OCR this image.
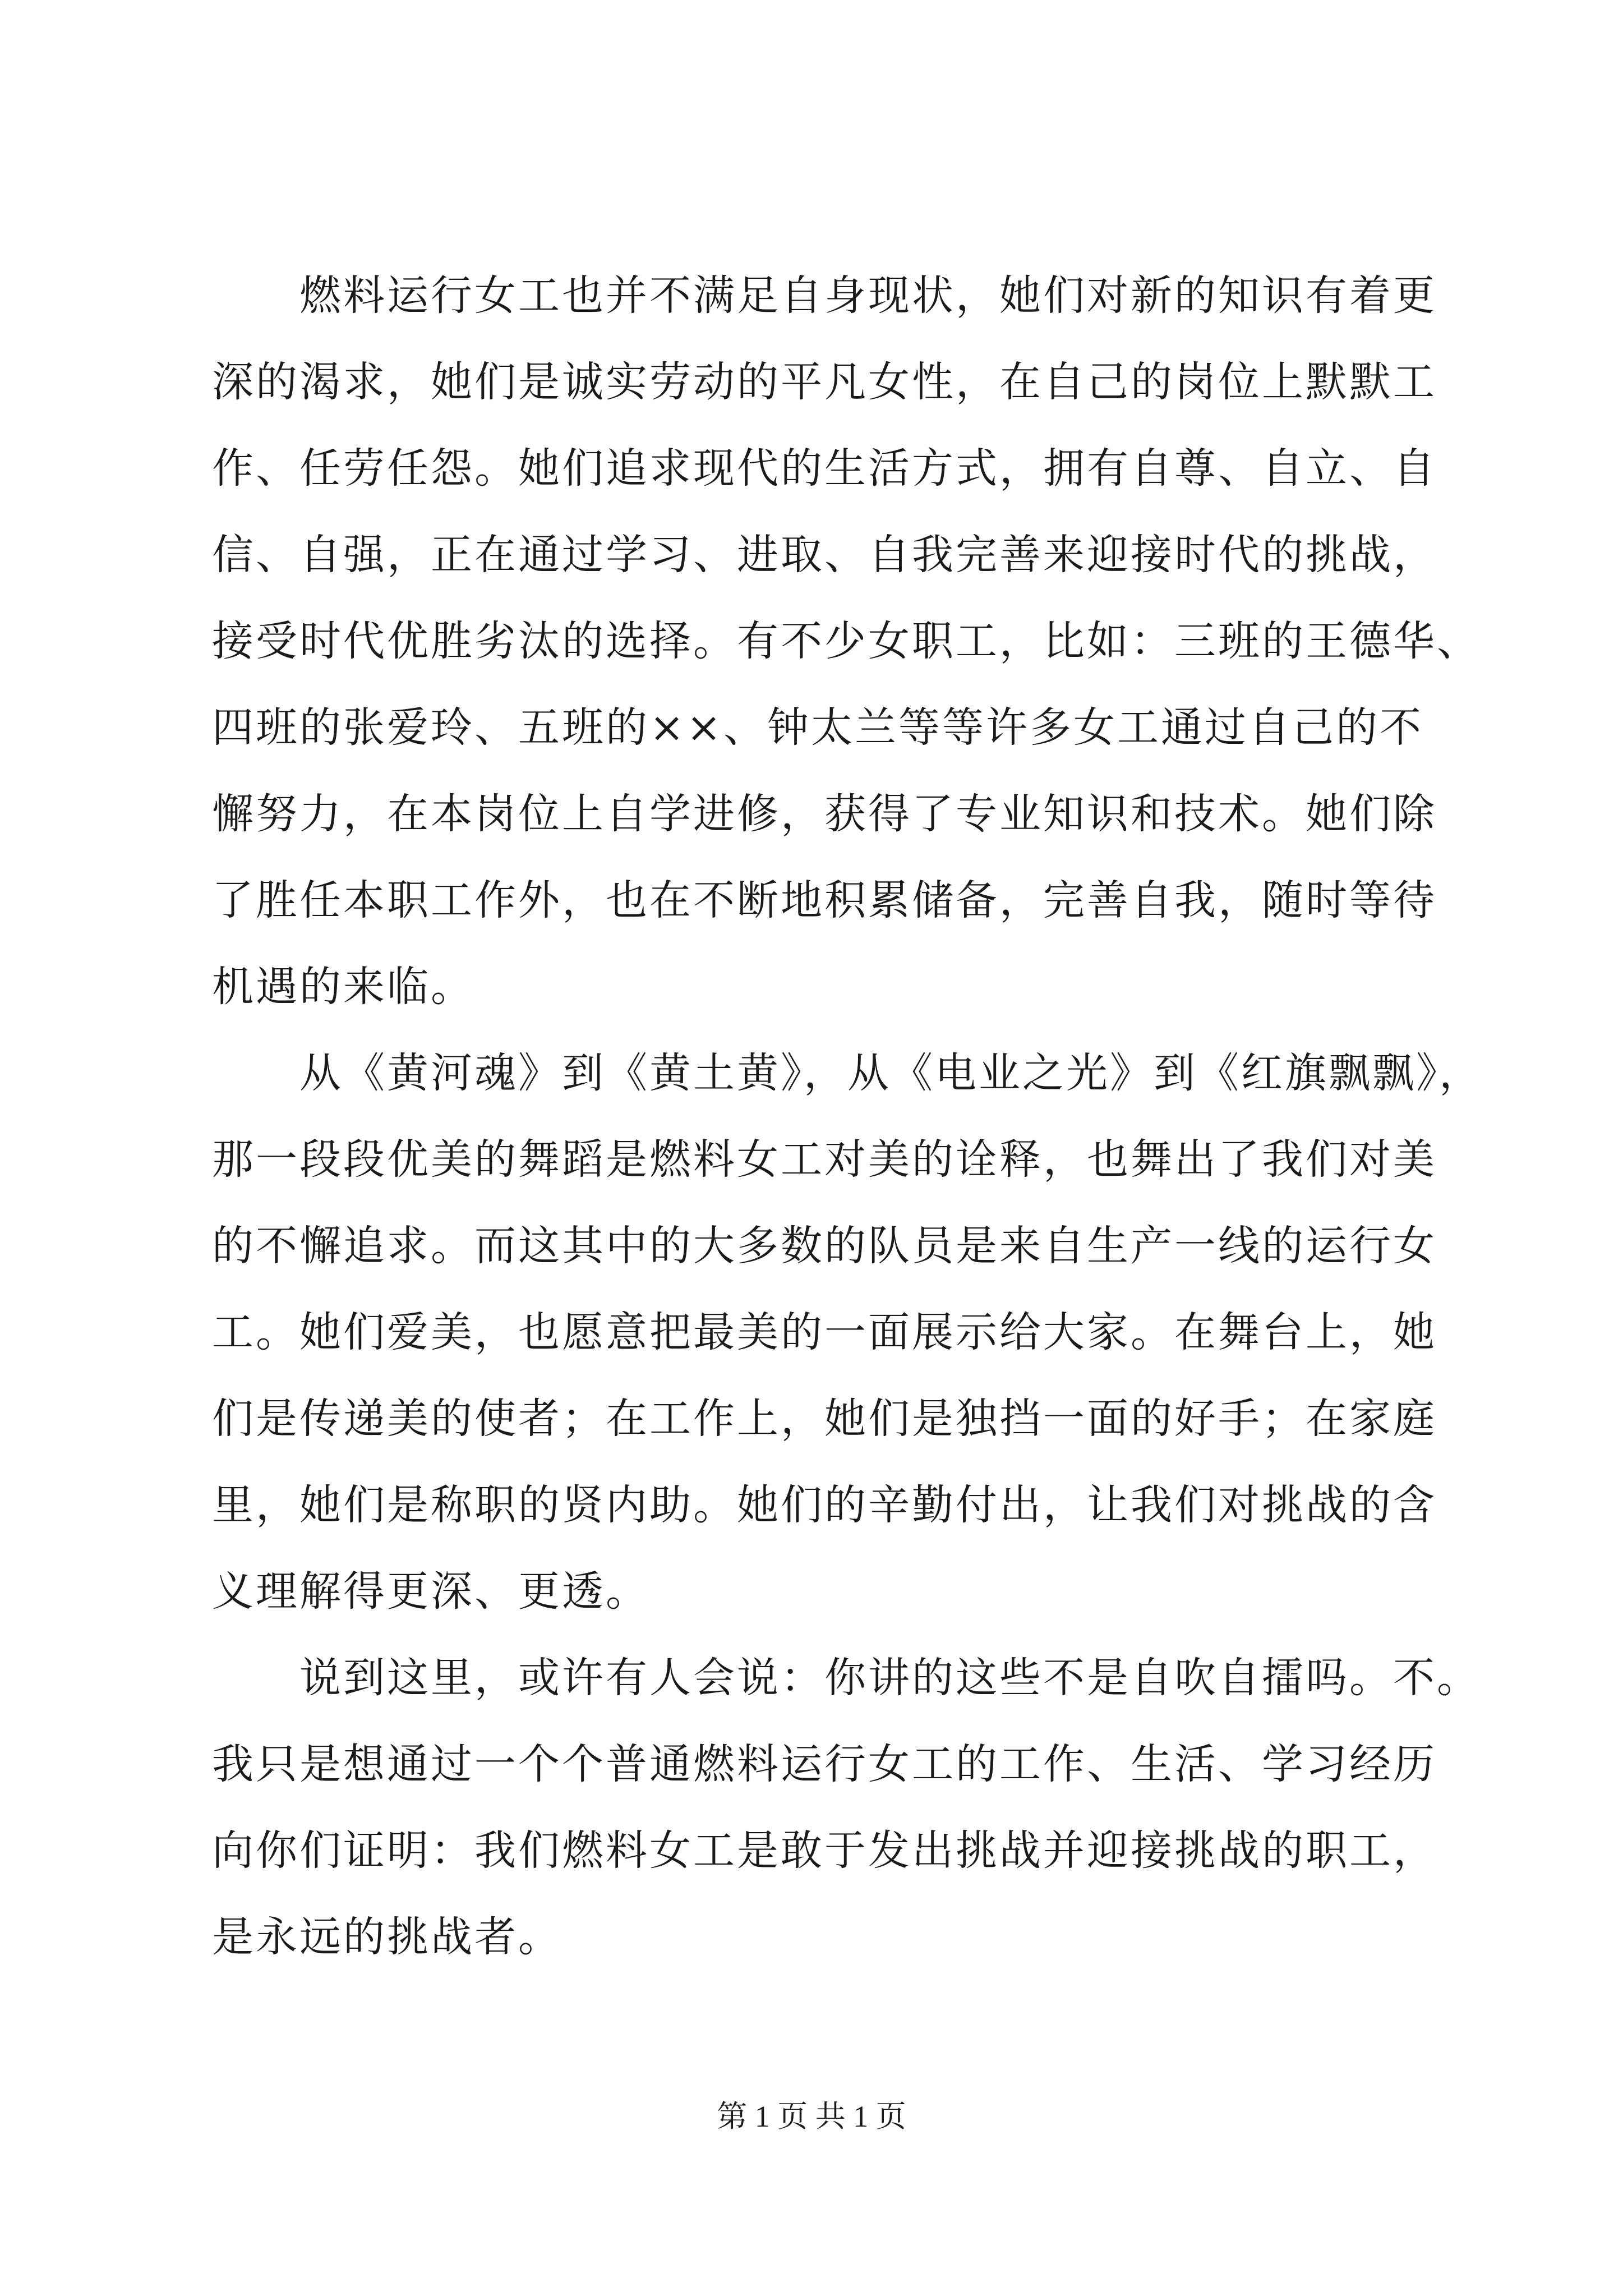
燃料运行女工也并不满足自身现状，她们对新的知识有着更
深的渴求，她们是诚实劳动的平凡女性，在自己的岗位上默默工
作、任劳任怨。她们追求现代的生活方式，拥有自尊、自立、自
信、自强，正在通过学习、进取、自我完善来迎接时代的挑战，
接受时代优胜劣汰的选择。有不少女职工，比如：三班的王德华、
四班的张爱玲、五班的××、钟太兰等等许多女工通过自己的不
懈努力，在本岗位上自学进修，获得了专业知识和技术。她们除
了胜任本职工作外，也在不断地积累储备，完善自我，随时等待
机遇的来临。
从《黄河魂》到《黄土黄》，从《电业之光》到《红旗飘飘》，
那一段段优美的舞蹈是燃料女工对美的诠释，也舞出了我们对美
的不懈追求。而这其中的大多数的队员是来自生产一线的运行女
工。她们爱美，也愿意把最美的一面展示给大家。在舞台上，她
们是传递美的使者；在工作上，她们是独挡一面的好手；在家庭
里，她们是称职的贤内助。她们的辛勤付出，让我们对挑战的含
义理解得更深、更透。
说到这里，或许有人会说：你讲的这些不是自吹自擂吗。不。
我只是想通过一个个普通燃料运行女工的工作、生活、学习经历
向你们证明：我们燃料女工是敢于发出挑战并迎接挑战的职工，
是永远的挑战者。
第 1 页 共 1 页
